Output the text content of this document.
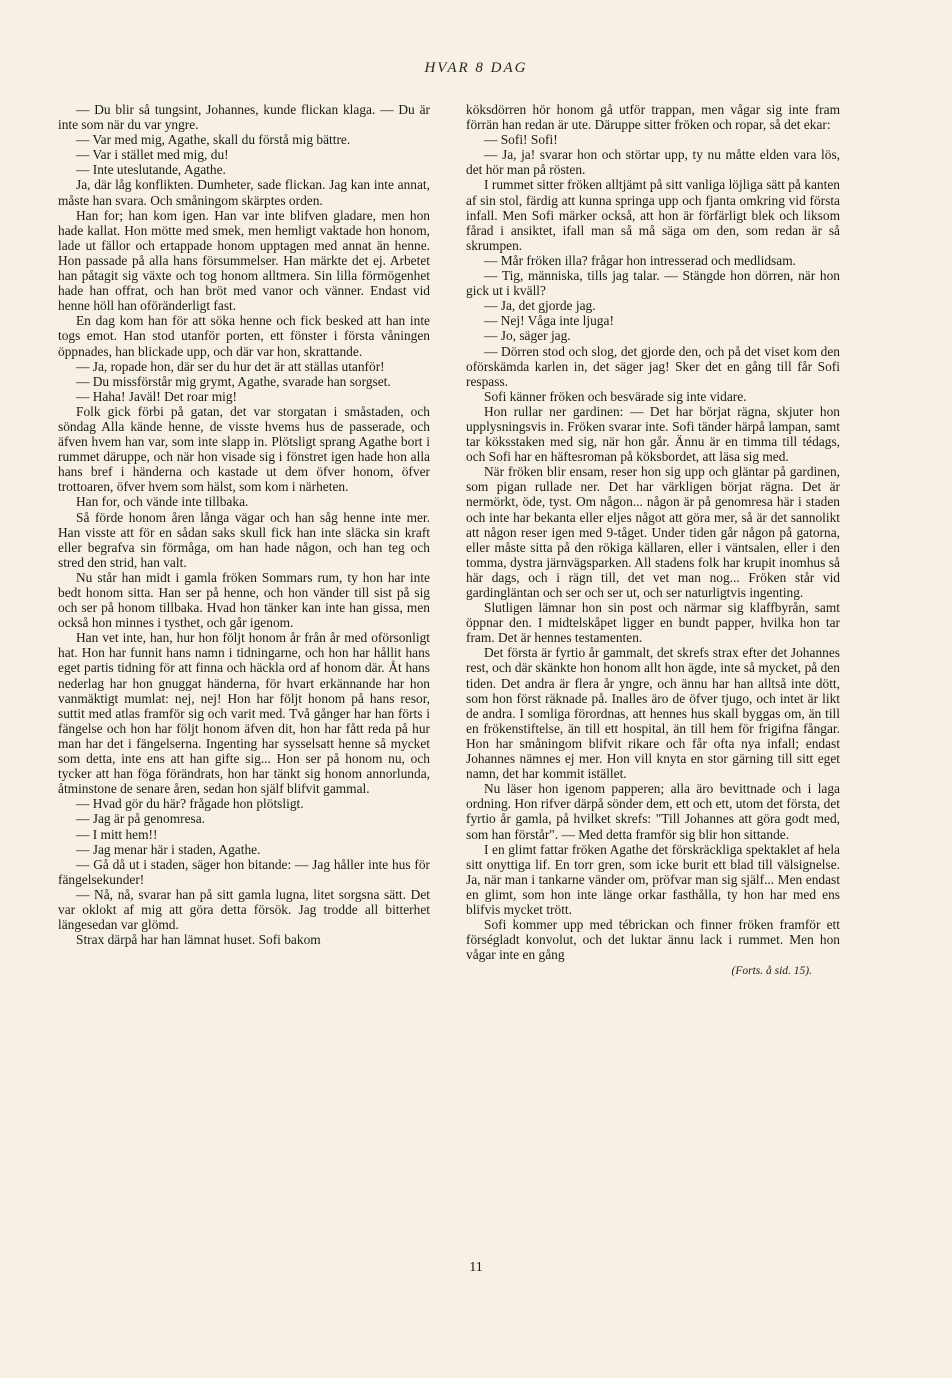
HVAR 8 DAG

— Du blir så tungsint, Johannes, kunde flickan klaga. — Du är inte som när du var yngre.

— Var med mig, Agathe, skall du förstå mig bättre.

— Var i stället med mig, du!

— Inte uteslutande, Agathe.

Ja, där låg konflikten. Dumheter, sade flickan. Jag kan inte annat, måste han svara. Och småningom skärptes orden.

Han for; han kom igen. Han var inte blifven gladare, men hon hade kallat. Hon mötte med smek, men hemligt vaktade hon honom, lade ut fällor och ertappade honom upptagen med annat än henne. Hon passade på alla hans försummelser. Han märkte det ej. Arbetet han påtagit sig växte och tog honom alltmera. Sin lilla förmögenhet hade han offrat, och han bröt med vanor och vänner. Endast vid henne höll han oföränderligt fast.

En dag kom han för att söka henne och fick besked att han inte togs emot. Han stod utanför porten, ett fönster i första våningen öppnades, han blickade upp, och där var hon, skrattande.

— Ja, ropade hon, där ser du hur det är att ställas utanför!

— Du missförstår mig grymt, Agathe, svarade han sorgset.

— Haha! Javäl! Det roar mig!

Folk gick förbi på gatan, det var storgatan i småstaden, och söndag Alla kände henne, de visste hvems hus de passerade, och äfven hvem han var, som inte slapp in. Plötsligt sprang Agathe bort i rummet däruppe, och när hon visade sig i fönstret igen hade hon alla hans bref i händerna och kastade ut dem öfver honom, öfver trottoaren, öfver hvem som hälst, som kom i närheten.

Han for, och vände inte tillbaka.

Så förde honom åren långa vägar och han såg henne inte mer. Han visste att för en sådan saks skull fick han inte släcka sin kraft eller begrafva sin förmåga, om han hade någon, och han teg och stred den strid, han valt.

Nu står han midt i gamla fröken Sommars rum, ty hon har inte bedt honom sitta. Han ser på henne, och hon vänder till sist på sig och ser på honom tillbaka. Hvad hon tänker kan inte han gissa, men också hon minnes i tysthet, och går igenom.

Han vet inte, han, hur hon följt honom år från år med oförsonligt hat. Hon har funnit hans namn i tidningarne, och hon har hållit hans eget partis tidning för att finna och häckla ord af honom där. Åt hans nederlag har hon gnuggat händerna, för hvart erkännande har hon vanmäktigt mumlat: nej, nej! Hon har följt honom på hans resor, suttit med atlas framför sig och varit med. Två gånger har han förts i fängelse och hon har följt honom äfven dit, hon har fått reda på hur man har det i fängelserna. Ingenting har sysselsatt henne så mycket som detta, inte ens att han gifte sig... Hon ser på honom nu, och tycker att han föga förändrats, hon har tänkt sig honom annorlunda, åtminstone de senare åren, sedan hon själf blifvit gammal.

— Hvad gör du här? frågade hon plötsligt.

— Jag är på genomresa.

— I mitt hem!!

— Jag menar här i staden, Agathe.

— Gå då ut i staden, säger hon bitande: — Jag håller inte hus för fängelsekunder!

— Nå, nå, svarar han på sitt gamla lugna, litet sorgsna sätt. Det var oklokt af mig att göra detta försök. Jag trodde all bitterhet längesedan var glömd.

Strax därpå har han lämnat huset. Sofi bakom

köksdörren hör honom gå utför trappan, men vågar sig inte fram förrän han redan är ute. Däruppe sitter fröken och ropar, så det ekar:

— Sofi! Sofi!

— Ja, ja! svarar hon och störtar upp, ty nu måtte elden vara lös, det hör man på rösten.

I rummet sitter fröken alltjämt på sitt vanliga löjliga sätt på kanten af sin stol, färdig att kunna springa upp och fjanta omkring vid första infall. Men Sofi märker också, att hon är förfärligt blek och liksom fårad i ansiktet, ifall man så må säga om den, som redan är så skrumpen.

— Mår fröken illa? frågar hon intresserad och medlidsam.

— Tig, människa, tills jag talar. — Stängde hon dörren, när hon gick ut i kväll?

— Ja, det gjorde jag.

— Nej! Våga inte ljuga!

— Jo, säger jag.

— Dörren stod och slog, det gjorde den, och på det viset kom den oförskämda karlen in, det säger jag! Sker det en gång till får Sofi respass.

Sofi känner fröken och besvärade sig inte vidare.

Hon rullar ner gardinen: — Det har börjat rägna, skjuter hon upplysningsvis in. Fröken svarar inte. Sofi tänder härpå lampan, samt tar köksstaken med sig, när hon går. Ännu är en timma till tédags, och Sofi har en häftesroman på köksbordet, att läsa sig med.

När fröken blir ensam, reser hon sig upp och gläntar på gardinen, som pigan rullade ner. Det har värkligen börjat rägna. Det är nermörkt, öde, tyst. Om någon... någon är på genomresa här i staden och inte har bekanta eller eljes något att göra mer, så är det sannolikt att någon reser igen med 9-tåget. Under tiden går någon på gatorna, eller måste sitta på den rökiga källaren, eller i väntsalen, eller i den tomma, dystra järnvägsparken. All stadens folk har krupit inomhus så här dags, och i rägn till, det vet man nog... Fröken står vid gardingläntan och ser och ser ut, och ser naturligtvis ingenting.

Slutligen lämnar hon sin post och närmar sig klaffbyrån, samt öppnar den. I midtelskåpet ligger en bundt papper, hvilka hon tar fram. Det är hennes testamenten.

Det första är fyrtio år gammalt, det skrefs strax efter det Johannes rest, och där skänkte hon honom allt hon ägde, inte så mycket, på den tiden. Det andra är flera år yngre, och ännu har han alltså inte dött, som hon först räknade på. Inalles äro de öfver tjugo, och intet är likt de andra. I somliga förordnas, att hennes hus skall byggas om, än till en frökenstiftelse, än till ett hospital, än till hem för frigifna fångar. Hon har småningom blifvit rikare och får ofta nya infall; endast Johannes nämnes ej mer. Hon vill knyta en stor gärning till sitt eget namn, det har kommit istället.

Nu läser hon igenom papperen; alla äro bevittnade och i laga ordning. Hon rifver därpå sönder dem, ett och ett, utom det första, det fyrtio år gamla, på hvilket skrefs: "Till Johannes att göra godt med, som han förstår". — Med detta framför sig blir hon sittande.

I en glimt fattar fröken Agathe det förskräckliga spektaklet af hela sitt onyttiga lif. En torr gren, som icke burit ett blad till välsignelse. Ja, när man i tankarne vänder om, pröfvar man sig själf... Men endast en glimt, som hon inte länge orkar fasthålla, ty hon har med ens blifvis mycket trött.

Sofi kommer upp med tébrickan och finner fröken framför ett förségladt konvolut, och det luktar ännu lack i rummet. Men hon vågar inte en gång

(Forts. å sid. 15).
11
